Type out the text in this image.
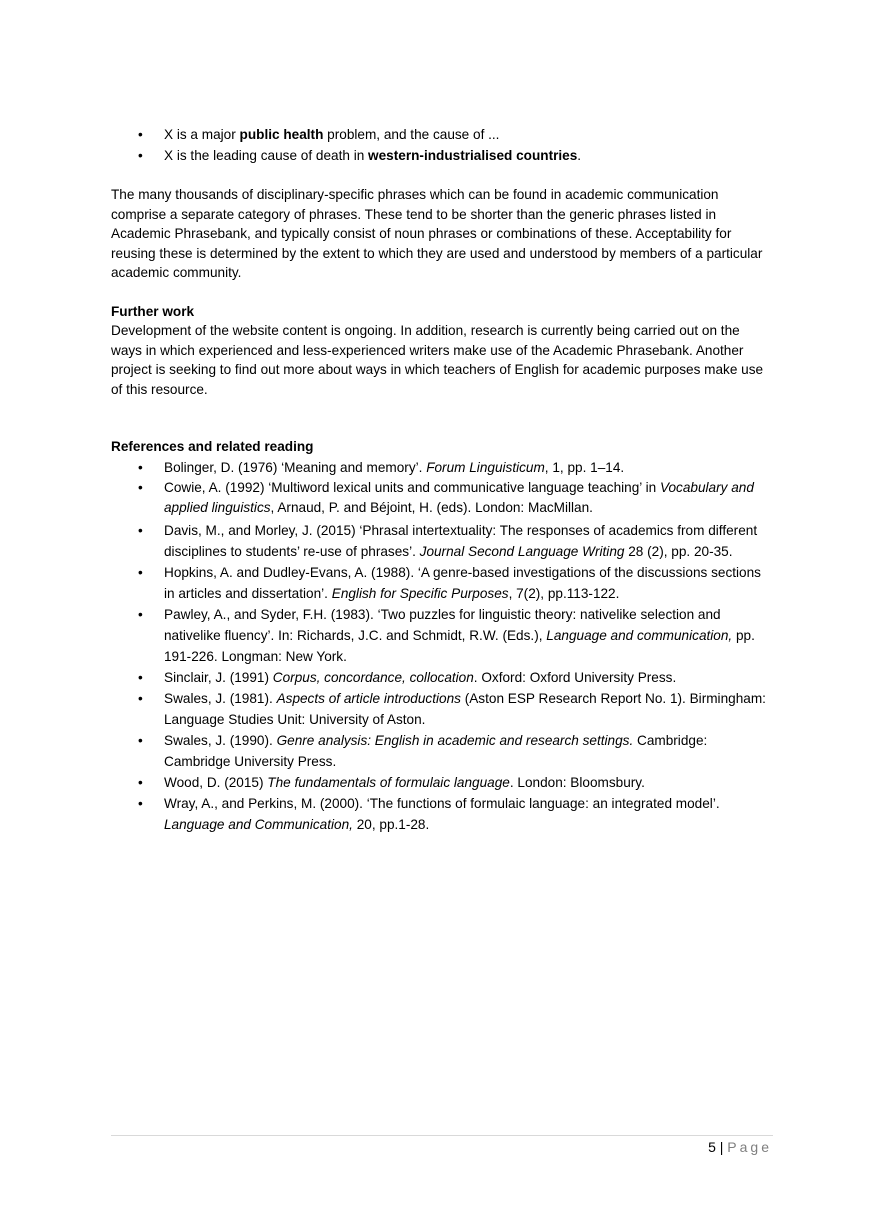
• X is a major public health problem, and the cause of ...
• X is the leading cause of death in western-industrialised countries.

The many thousands of disciplinary-specific phrases which can be found in academic communication comprise a separate category of phrases. These tend to be shorter than the generic phrases listed in Academic Phrasebank, and typically consist of noun phrases or combinations of these. Acceptability for reusing these is determined by the extent to which they are used and understood by members of a particular academic community.

Further work

Development of the website content is ongoing. In addition, research is currently being carried out on the ways in which experienced and less-experienced writers make use of the Academic Phrasebank. Another project is seeking to find out more about ways in which teachers of English for academic purposes make use of this resource.

References and related reading

• Bolinger, D. (1976) ‘Meaning and memory’. Forum Linguisticum, 1, pp. 1–14.
• Cowie, A. (1992) ‘Multiword lexical units and communicative language teaching’ in Vocabulary and applied linguistics, Arnaud, P. and Béjoint, H. (eds). London: MacMillan.
• Davis, M., and Morley, J. (2015) ‘Phrasal intertextuality: The responses of academics from different disciplines to students’ re-use of phrases’. Journal Second Language Writing 28 (2), pp. 20-35.
• Hopkins, A. and Dudley-Evans, A. (1988). ‘A genre-based investigations of the discussions sections in articles and dissertation’. English for Specific Purposes, 7(2), pp.113-122.
• Pawley, A., and Syder, F.H. (1983). ‘Two puzzles for linguistic theory: nativelike selection and nativelike fluency’. In: Richards, J.C. and Schmidt, R.W. (Eds.), Language and communication, pp. 191-226. Longman: New York.
• Sinclair, J. (1991) Corpus, concordance, collocation. Oxford: Oxford University Press.
• Swales, J. (1981). Aspects of article introductions (Aston ESP Research Report No. 1). Birmingham: Language Studies Unit: University of Aston.
• Swales, J. (1990). Genre analysis: English in academic and research settings. Cambridge: Cambridge University Press.
• Wood, D. (2015) The fundamentals of formulaic language. London: Bloomsbury.
• Wray, A., and Perkins, M. (2000). ‘The functions of formulaic language: an integrated model’. Language and Communication, 20, pp.1-28.
5 | Page
